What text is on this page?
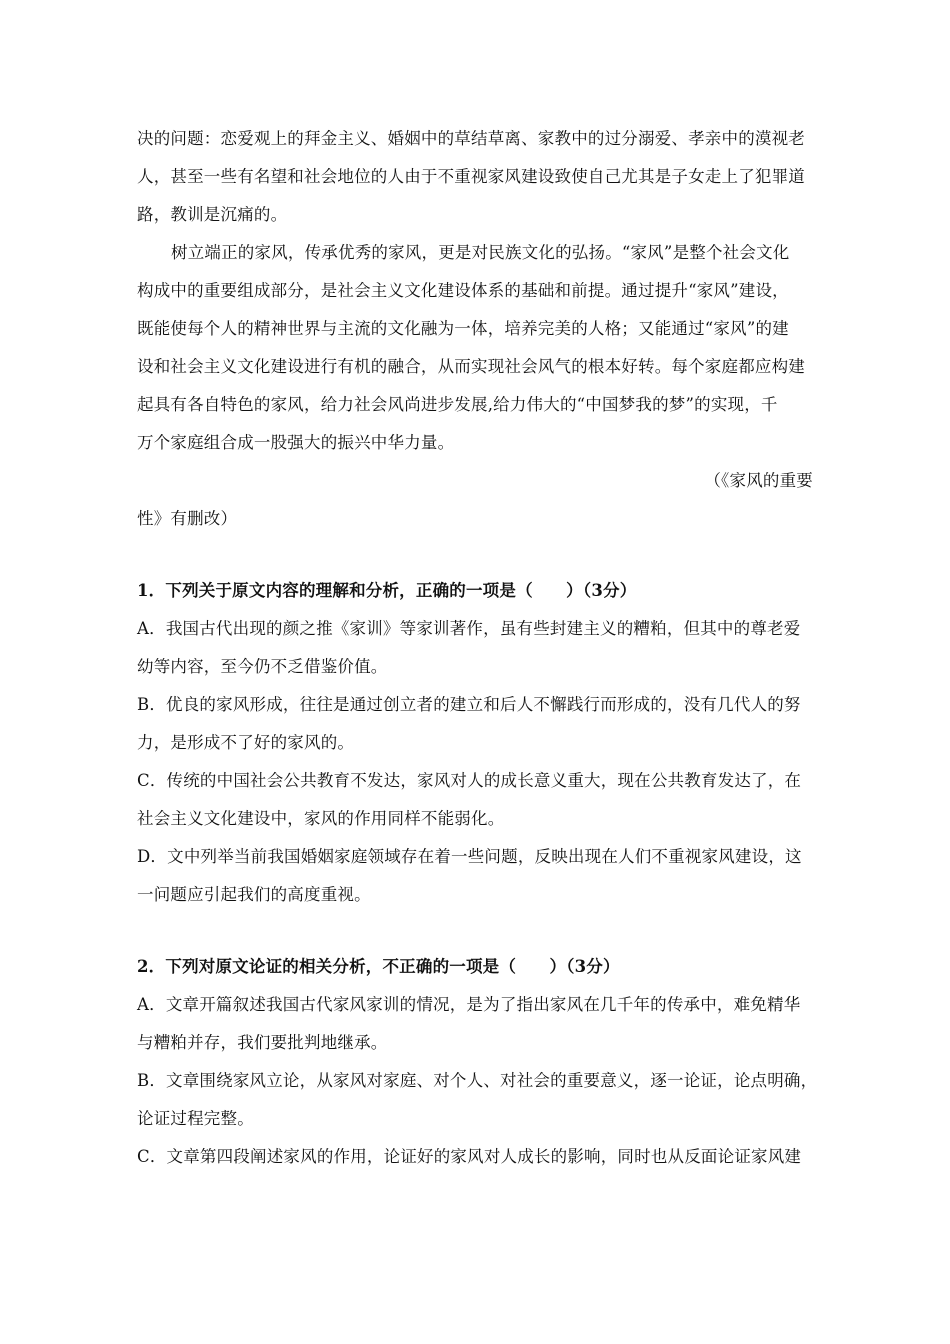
决的问题：恋爱观上的拜金主义、婚姻中的草结草离、家教中的过分溺爱、孝亲中的漠视老
人，甚至一些有名望和社会地位的人由于不重视家风建设致使自己尤其是子女走上了犯罪道
路，教训是沉痛的。
树立端正的家风，传承优秀的家风，更是对民族文化的弘扬。“家风”是整个社会文化
构成中的重要组成部分，是社会主义文化建设体系的基础和前提。通过提升“家风”建设，
既能使每个人的精神世界与主流的文化融为一体，培养完美的人格；又能通过“家风”的建
设和社会主义文化建设进行有机的融合，从而实现社会风气的根本好转。每个家庭都应构建
起具有各自特色的家风，给力社会风尚进步发展,给力伟大的“中国梦我的梦”的实现，千
万个家庭组合成一股强大的振兴中华力量。
（《家风的重要
性》有删改）
1．下列关于原文内容的理解和分析，正确的一项是（　　）（3分）
A．我国古代出现的颜之推《家训》等家训著作，虽有些封建主义的糟粕，但其中的尊老爱
幼等内容，至今仍不乏借鉴价值。
B．优良的家风形成，往往是通过创立者的建立和后人不懈践行而形成的，没有几代人的努
力，是形成不了好的家风的。
C．传统的中国社会公共教育不发达，家风对人的成长意义重大，现在公共教育发达了，在
社会主义文化建设中，家风的作用同样不能弱化。
D．文中列举当前我国婚姻家庭领域存在着一些问题，反映出现在人们不重视家风建设，这
一问题应引起我们的高度重视。
2．下列对原文论证的相关分析，不正确的一项是（　　）（3分）
A．文章开篇叙述我国古代家风家训的情况，是为了指出家风在几千年的传承中，难免精华
与糟粕并存，我们要批判地继承。
B．文章围绕家风立论，从家风对家庭、对个人、对社会的重要意义，逐一论证，论点明确，
论证过程完整。
C．文章第四段阐述家风的作用，论证好的家风对人成长的影响，同时也从反面论证家风建
